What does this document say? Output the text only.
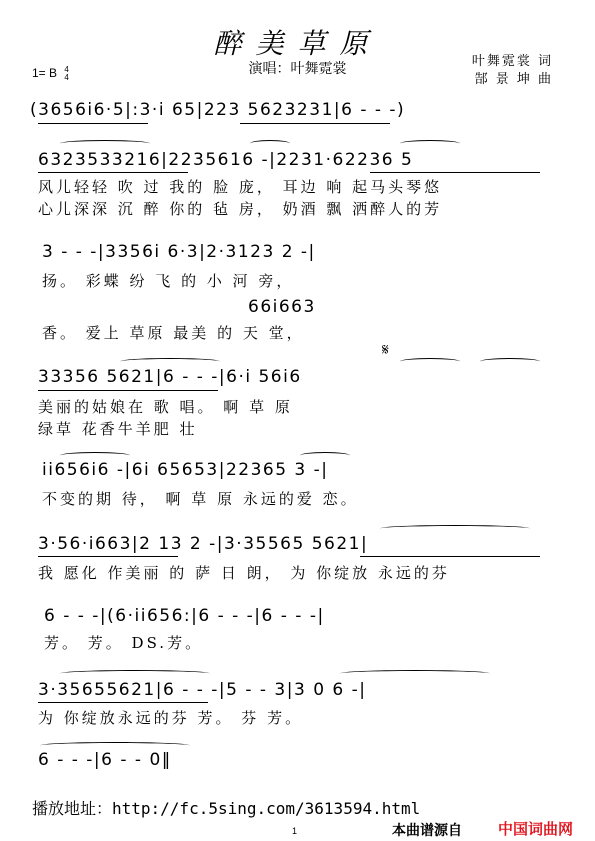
醉美草原
演唱：叶舞霓裳	叶舞霓裳 词
郜 景 坤 曲
1= B 4
4
(3656i6·5|:3·i 65|223 5623231|6 - - -)
6323533216|2235616 -|2231·62236 5
风儿轻轻 吹 过 我的 脸 庞， 耳边 响 起马头琴悠
心儿深深 沉 醉 你的 毡 房， 奶酒 飘 洒醉人的芳
3 - - -|3356i 6·3|2·3123 2 -|
扬。 彩蝶 纷 飞 的 小 河 旁，
66i663
香。 爱上 草原 最美 的 天 堂，
𝄋
33356 5621|6 - - -|6·i 56i6
美丽的姑娘在 歌 唱。 啊 草 原
绿草 花香牛羊肥 壮
ii656i6 -|6i 65653|22365 3 -|
不变的期 待， 啊 草 原 永远的爱 恋。
3·56·i663|2 13 2 -|3·35565 5621|
我 愿化 作美丽 的 萨 日 朗， 为 你绽放 永远的芬
6 - - -|(6·ii656:|6 - - -|6 - - -|
芳。 芳。 DS.芳。
3·35655621|6 - - -|5 - - 3|3 0 6 -|
为 你绽放永远的芬 芳。 芬 芳。
6 - - -|6 - - 0‖
播放地址：http://fc.5sing.com/3613594.html
1	本曲谱源自 中国词曲网
